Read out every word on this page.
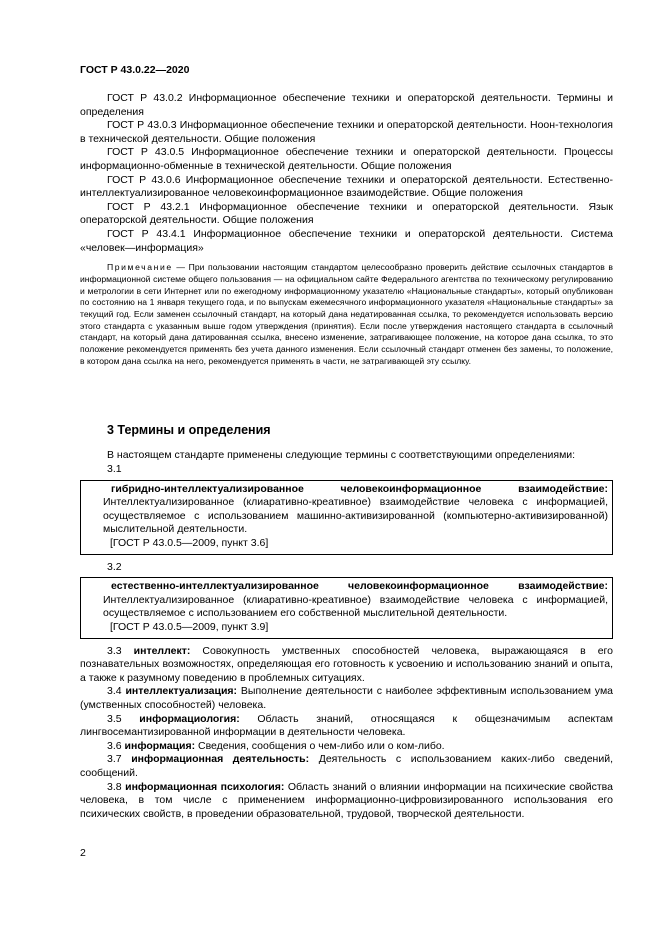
ГОСТ Р 43.0.22—2020

ГОСТ Р 43.0.2 Информационное обеспечение техники и операторской деятельности. Термины и определения

ГОСТ Р 43.0.3 Информационное обеспечение техники и операторской деятельности. Ноон-технология в технической деятельности. Общие положения

ГОСТ Р 43.0.5 Информационное обеспечение техники и операторской деятельности. Процессы информационно-обменные в технической деятельности. Общие положения

ГОСТ Р 43.0.6 Информационное обеспечение техники и операторской деятельности. Естественно-интеллектуализированное человекоинформационное взаимодействие. Общие положения

ГОСТ Р 43.2.1 Информационное обеспечение техники и операторской деятельности. Язык операторской деятельности. Общие положения

ГОСТ Р 43.4.1 Информационное обеспечение техники и операторской деятельности. Система «человек—информация»

Примечание — При пользовании настоящим стандартом целесообразно проверить действие ссылочных стандартов в информационной системе общего пользования — на официальном сайте Федерального агентства по техническому регулированию и метрологии в сети Интернет или по ежегодному информационному указателю «Национальные стандарты», который опубликован по состоянию на 1 января текущего года, и по выпускам ежемесячного информационного указателя «Национальные стандарты» за текущий год. Если заменен ссылочный стандарт, на который дана недатированная ссылка, то рекомендуется использовать версию этого стандарта с указанным выше годом утверждения (принятия). Если после утверждения настоящего стандарта в ссылочный стандарт, на который дана датированная ссылка, внесено изменение, затрагивающее положение, на которое дана ссылка, то это положение рекомендуется применять без учета данного изменения. Если ссылочный стандарт отменен без замены, то положение, в котором дана ссылка на него, рекомендуется применять в части, не затрагивающей эту ссылку.

3 Термины и определения

В настоящем стандарте применены следующие термины с соответствующими определениями:

3.1

гибридно-интеллектуализированное человекоинформационное взаимодействие: Интеллектуализированное (клиаративно-креативное) взаимодействие человека с информацией, осуществляемое с использованием машинно-активизированной (компьютерно-активизированной) мыслительной деятельности.

[ГОСТ Р 43.0.5—2009, пункт 3.6]

3.2

естественно-интеллектуализированное человекоинформационное взаимодействие: Интеллектуализированное (клиаративно-креативное) взаимодействие человека с информацией, осуществляемое с использованием его собственной мыслительной деятельности.

[ГОСТ Р 43.0.5—2009, пункт 3.9]

3.3 интеллект: Совокупность умственных способностей человека, выражающаяся в его познавательных возможностях, определяющая его готовность к усвоению и использованию знаний и опыта, а также к разумному поведению в проблемных ситуациях.

3.4 интеллектуализация: Выполнение деятельности с наиболее эффективным использованием ума (умственных способностей) человека.

3.5 информациология: Область знаний, относящаяся к общезначимым аспектам лингвосемантизированной информации в деятельности человека.

3.6 информация: Сведения, сообщения о чем-либо или о ком-либо.

3.7 информационная деятельность: Деятельность с использованием каких-либо сведений, сообщений.

3.8 информационная психология: Область знаний о влиянии информации на психические свойства человека, в том числе с применением информационно-цифровизированного использования его психических свойств, в проведении образовательной, трудовой, творческой деятельности.

2
